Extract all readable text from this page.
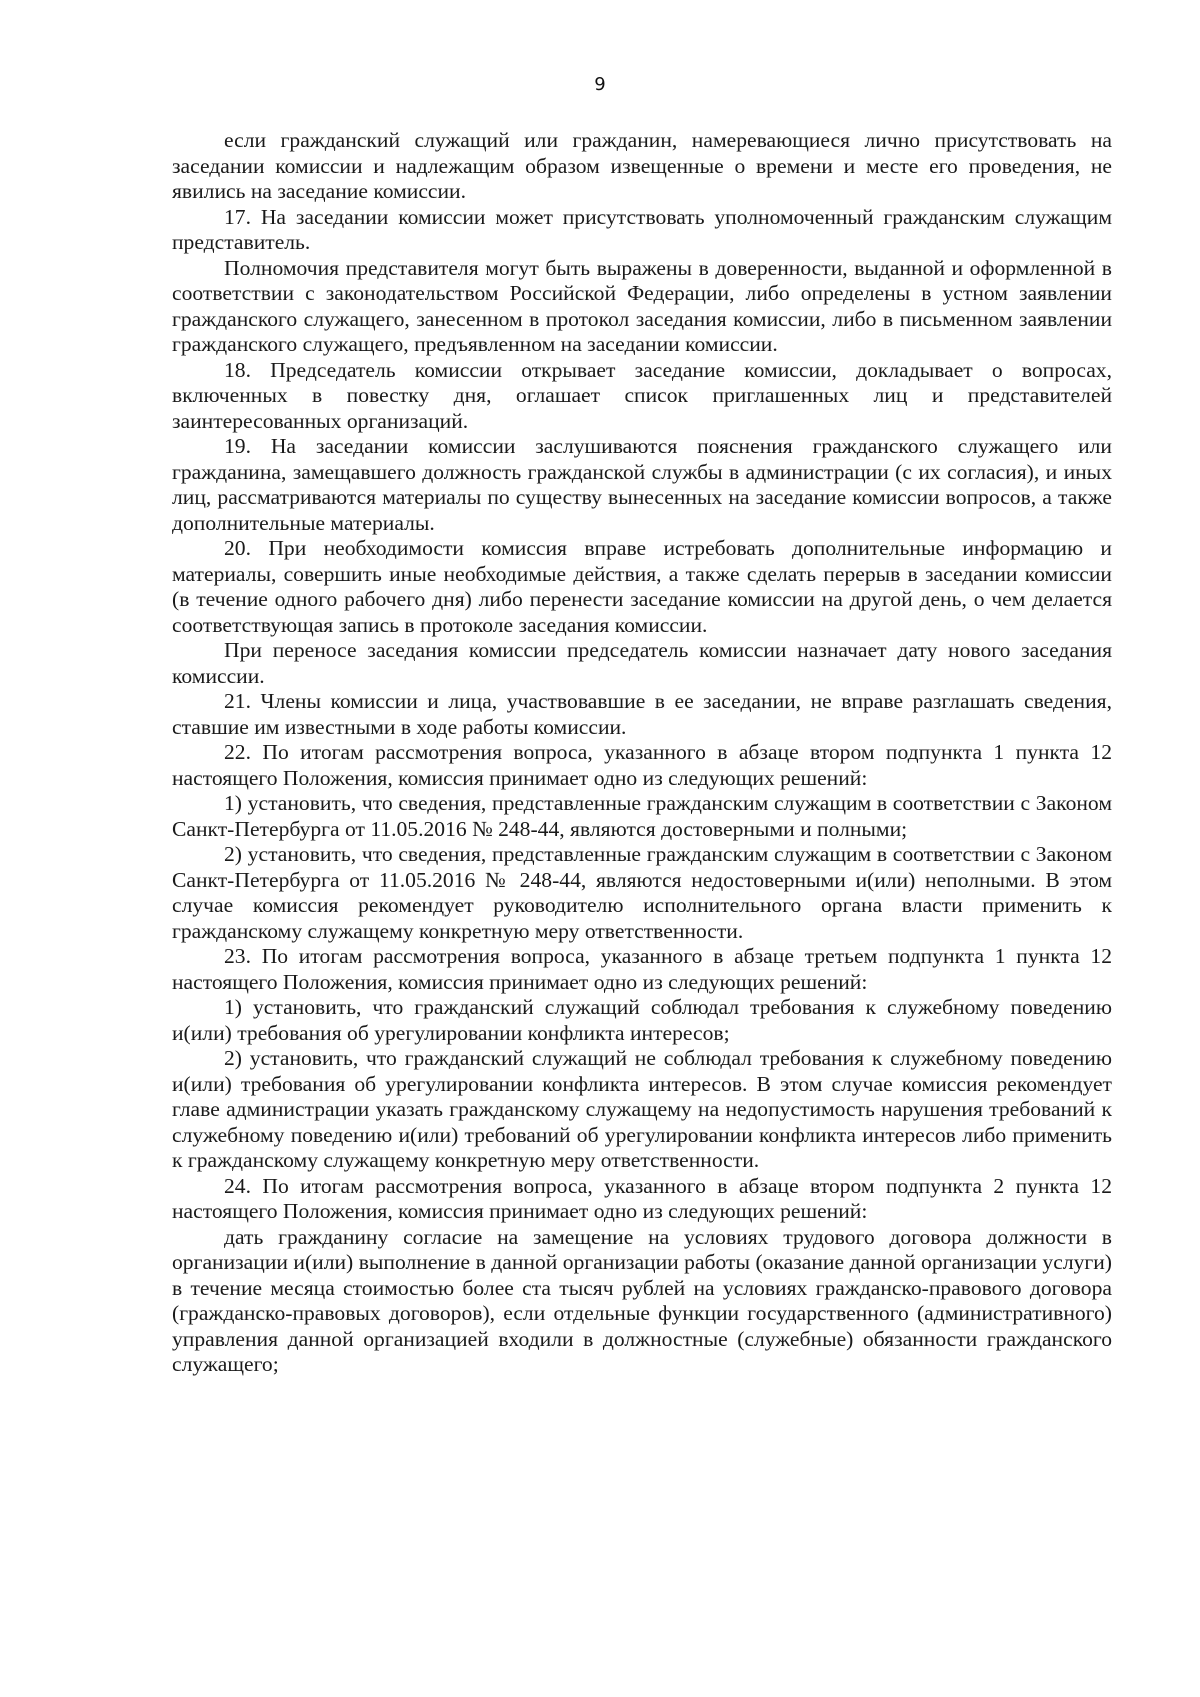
9

если гражданский служащий или гражданин, намеревающиеся лично присутствовать на заседании комиссии и надлежащим образом извещенные о времени и месте его проведения, не явились на заседание комиссии.

17. На заседании комиссии может присутствовать уполномоченный гражданским служащим представитель.

Полномочия представителя могут быть выражены в доверенности, выданной и оформленной в соответствии с законодательством Российской Федерации, либо определены в устном заявлении гражданского служащего, занесенном в протокол заседания комиссии, либо в письменном заявлении гражданского служащего, предъявленном на заседании комиссии.

18. Председатель комиссии открывает заседание комиссии, докладывает о вопросах, включенных в повестку дня, оглашает список приглашенных лиц и представителей заинтересованных организаций.

19. На заседании комиссии заслушиваются пояснения гражданского служащего или гражданина, замещавшего должность гражданской службы в администрации (с их согласия), и иных лиц, рассматриваются материалы по существу вынесенных на заседание комиссии вопросов, а также дополнительные материалы.

20. При необходимости комиссия вправе истребовать дополнительные информацию и материалы, совершить иные необходимые действия, а также сделать перерыв в заседании комиссии (в течение одного рабочего дня) либо перенести заседание комиссии на другой день, о чем делается соответствующая запись в протоколе заседания комиссии.

При переносе заседания комиссии председатель комиссии назначает дату нового заседания комиссии.

21. Члены комиссии и лица, участвовавшие в ее заседании, не вправе разглашать сведения, ставшие им известными в ходе работы комиссии.

22. По итогам рассмотрения вопроса, указанного в абзаце втором подпункта 1 пункта 12 настоящего Положения, комиссия принимает одно из следующих решений:

1) установить, что сведения, представленные гражданским служащим в соответствии с Законом Санкт-Петербурга от 11.05.2016 № 248-44, являются достоверными и полными;

2) установить, что сведения, представленные гражданским служащим в соответствии с Законом Санкт-Петербурга от 11.05.2016 № 248-44, являются недостоверными и(или) неполными. В этом случае комиссия рекомендует руководителю исполнительного органа власти применить к гражданскому служащему конкретную меру ответственности.

23. По итогам рассмотрения вопроса, указанного в абзаце третьем подпункта 1 пункта 12 настоящего Положения, комиссия принимает одно из следующих решений:

1) установить, что гражданский служащий соблюдал требования к служебному поведению и(или) требования об урегулировании конфликта интересов;

2) установить, что гражданский служащий не соблюдал требования к служебному поведению и(или) требования об урегулировании конфликта интересов. В этом случае комиссия рекомендует главе администрации указать гражданскому служащему на недопустимость нарушения требований к служебному поведению и(или) требований об урегулировании конфликта интересов либо применить к гражданскому служащему конкретную меру ответственности.

24. По итогам рассмотрения вопроса, указанного в абзаце втором подпункта 2 пункта 12 настоящего Положения, комиссия принимает одно из следующих решений:

дать гражданину согласие на замещение на условиях трудового договора должности в организации и(или) выполнение в данной организации работы (оказание данной организации услуги) в течение месяца стоимостью более ста тысяч рублей на условиях гражданско-правового договора (гражданско-правовых договоров), если отдельные функции государственного (административного) управления данной организацией входили в должностные (служебные) обязанности гражданского служащего;
